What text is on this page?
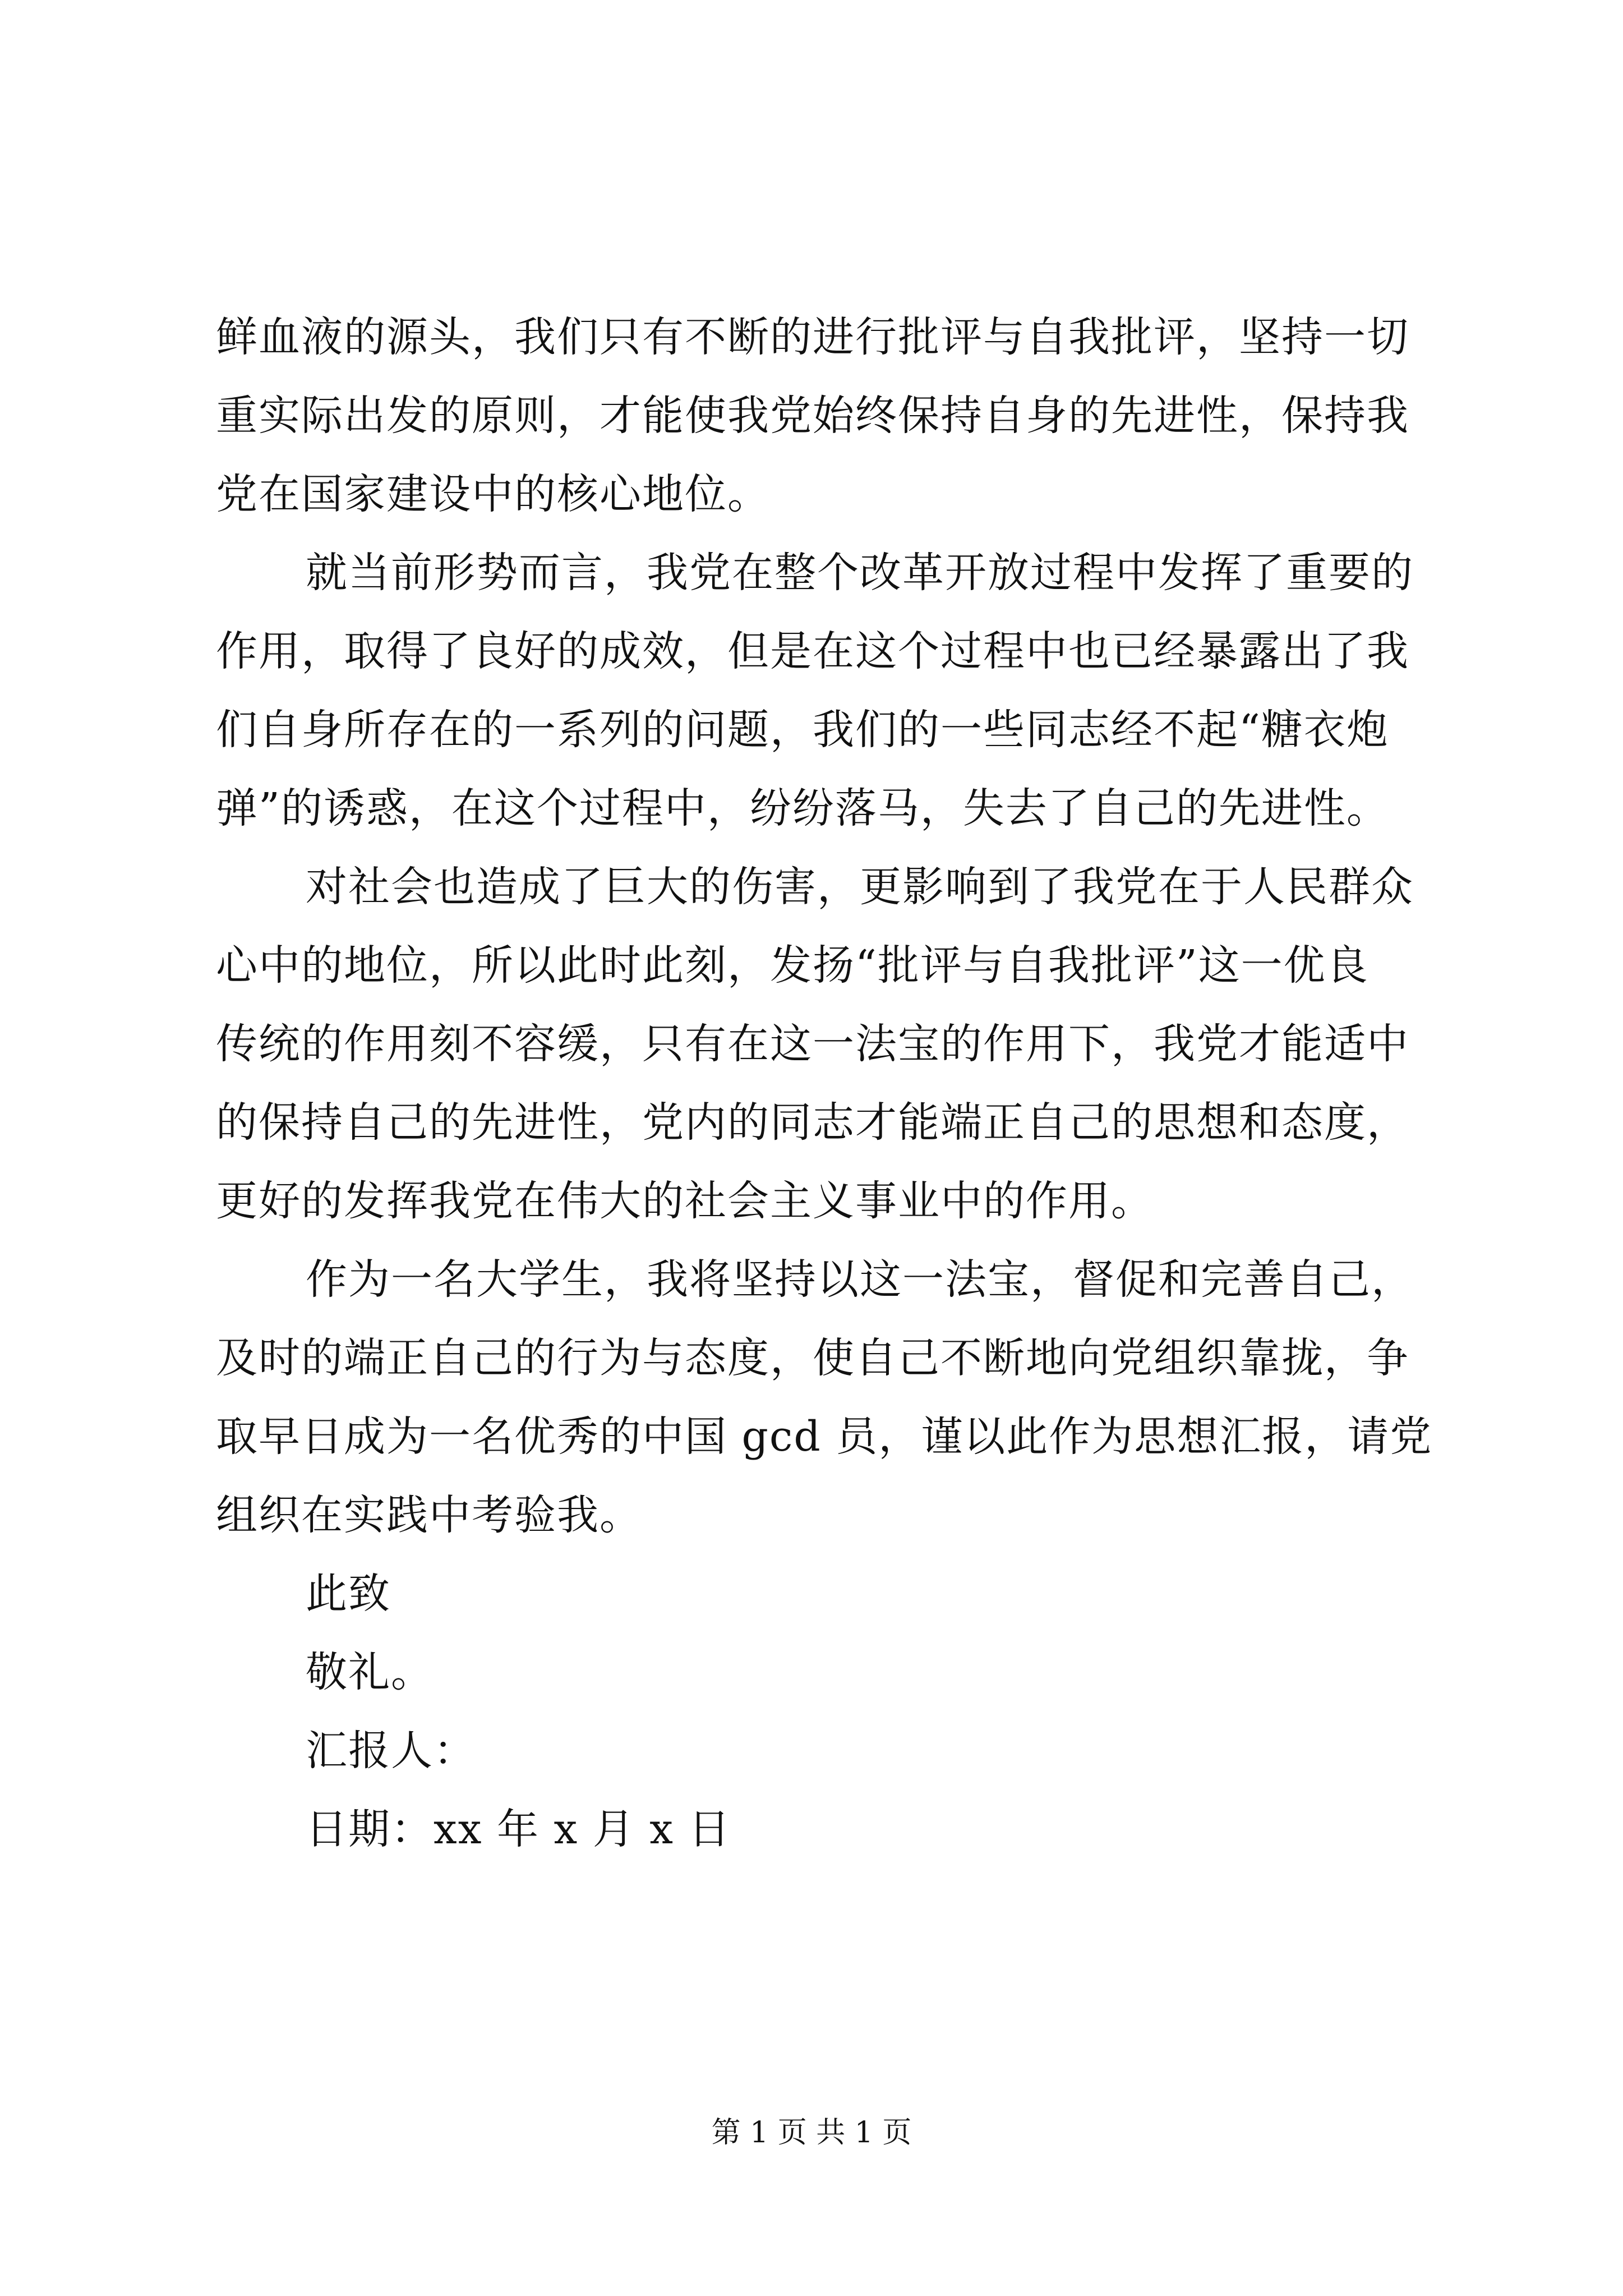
鲜血液的源头，我们只有不断的进行批评与自我批评，坚持一切
重实际出发的原则，才能使我党始终保持自身的先进性，保持我
党在国家建设中的核心地位。
就当前形势而言，我党在整个改革开放过程中发挥了重要的
作用，取得了良好的成效，但是在这个过程中也已经暴露出了我
们自身所存在的一系列的问题，我们的一些同志经不起“糖衣炮
弹”的诱惑，在这个过程中，纷纷落马，失去了自己的先进性。
对社会也造成了巨大的伤害，更影响到了我党在于人民群众
心中的地位，所以此时此刻，发扬“批评与自我批评”这一优良
传统的作用刻不容缓，只有在这一法宝的作用下，我党才能适中
的保持自己的先进性，党内的同志才能端正自己的思想和态度，
更好的发挥我党在伟大的社会主义事业中的作用。
作为一名大学生，我将坚持以这一法宝，督促和完善自己，
及时的端正自己的行为与态度，使自己不断地向党组织靠拢，争
取早日成为一名优秀的中国 gcd 员，谨以此作为思想汇报，请党
组织在实践中考验我。
此致
敬礼。
汇报人：
日期：xx 年 x 月 x 日
第 1 页 共 1 页
